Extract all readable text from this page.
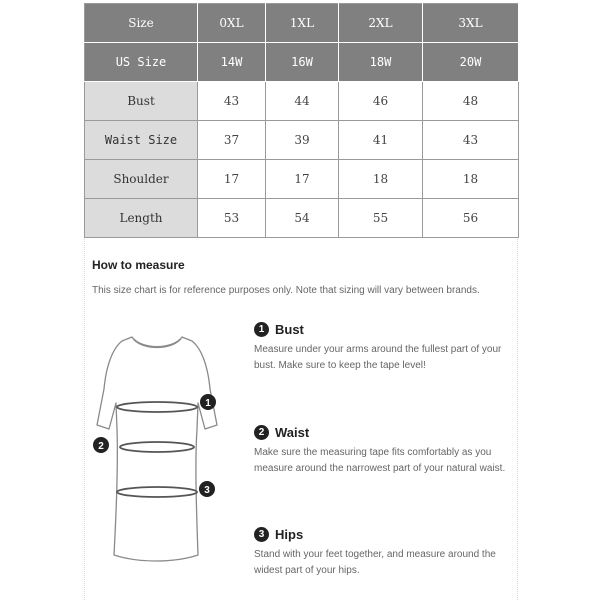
Size	0XL	1XL	2XL	3XL
US Size	14W	16W	18W	20W
Bust	43	44	46	48
Waist Size	37	39	41	43
Shoulder	17	17	18	18
Length	53	54	55	56
How to measure
This size chart is for reference purposes only. Note that sizing will vary between brands.
1
2
3
1 Bust
Measure under your arms around the fullest part of your
bust. Make sure to keep the tape level!
2 Waist
Make sure the measuring tape fits comfortably as you
measure around the narrowest part of your natural waist.
3 Hips
Stand with your feet together, and measure around the
widest part of your hips.
